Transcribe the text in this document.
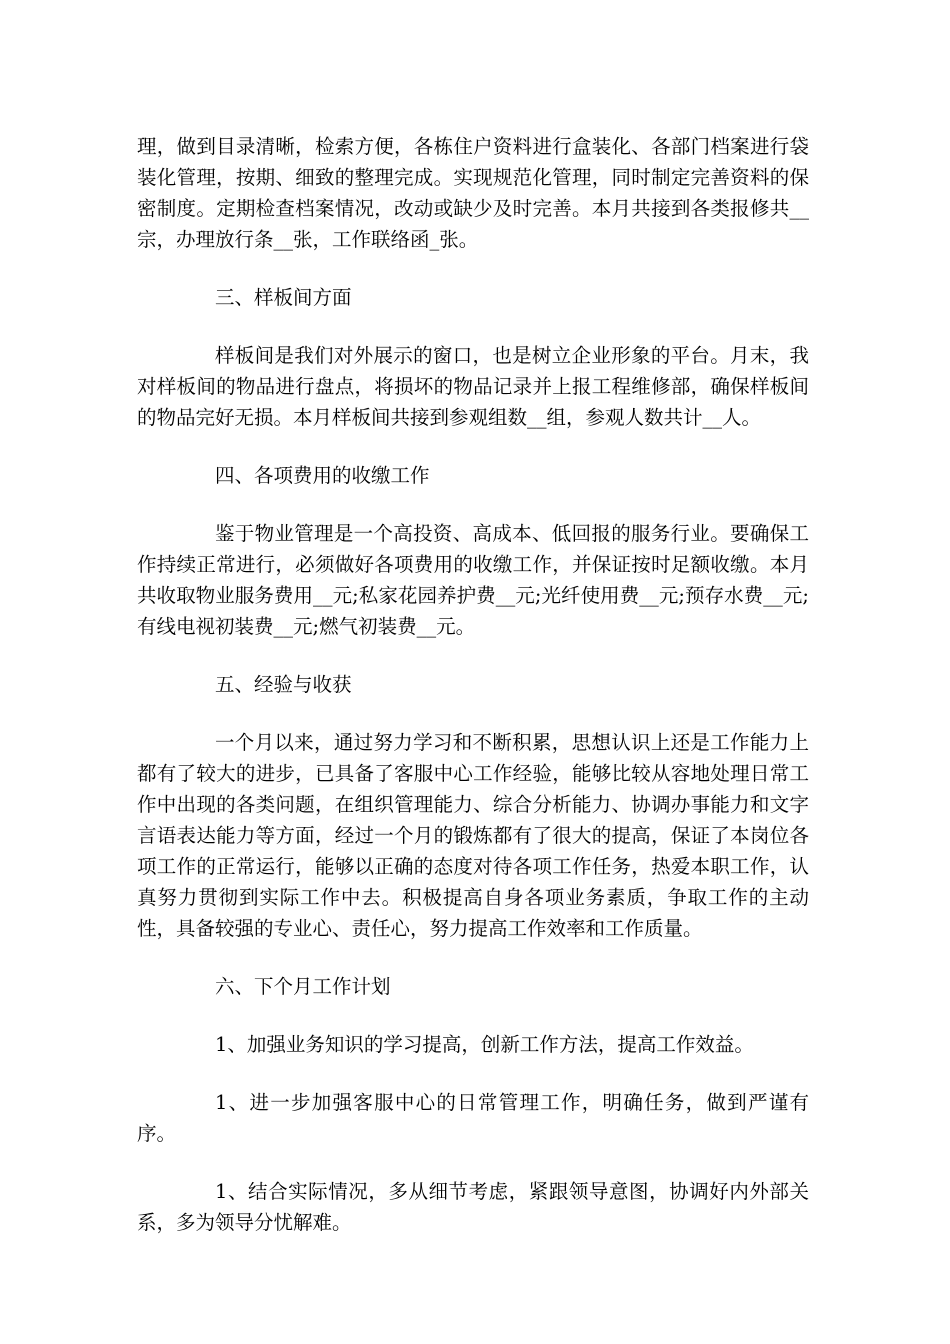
理，做到目录清晰，检索方便，各栋住户资料进行盒装化、各部门档案进行袋装化管理，按期、细致的整理完成。实现规范化管理，同时制定完善资料的保密制度。定期检查档案情况，改动或缺少及时完善。本月共接到各类报修共__宗，办理放行条__张，工作联络函_张。

三、样板间方面

样板间是我们对外展示的窗口，也是树立企业形象的平台。月末，我对样板间的物品进行盘点，将损坏的物品记录并上报工程维修部，确保样板间的物品完好无损。本月样板间共接到参观组数__组，参观人数共计__人。

四、各项费用的收缴工作

鉴于物业管理是一个高投资、高成本、低回报的服务行业。要确保工作持续正常进行，必须做好各项费用的收缴工作，并保证按时足额收缴。本月共收取物业服务费用__元;私家花园养护费__元;光纤使用费__元;预存水费__元;有线电视初装费__元;燃气初装费__元。

五、经验与收获

一个月以来，通过努力学习和不断积累，思想认识上还是工作能力上都有了较大的进步，已具备了客服中心工作经验，能够比较从容地处理日常工作中出现的各类问题，在组织管理能力、综合分析能力、协调办事能力和文字言语表达能力等方面，经过一个月的锻炼都有了很大的提高，保证了本岗位各项工作的正常运行，能够以正确的态度对待各项工作任务，热爱本职工作，认真努力贯彻到实际工作中去。积极提高自身各项业务素质，争取工作的主动性，具备较强的专业心、责任心，努力提高工作效率和工作质量。

六、下个月工作计划

1、加强业务知识的学习提高，创新工作方法，提高工作效益。

1、进一步加强客服中心的日常管理工作，明确任务，做到严谨有序。

1、结合实际情况，多从细节考虑，紧跟领导意图，协调好内外部关系，多为领导分忧解难。
